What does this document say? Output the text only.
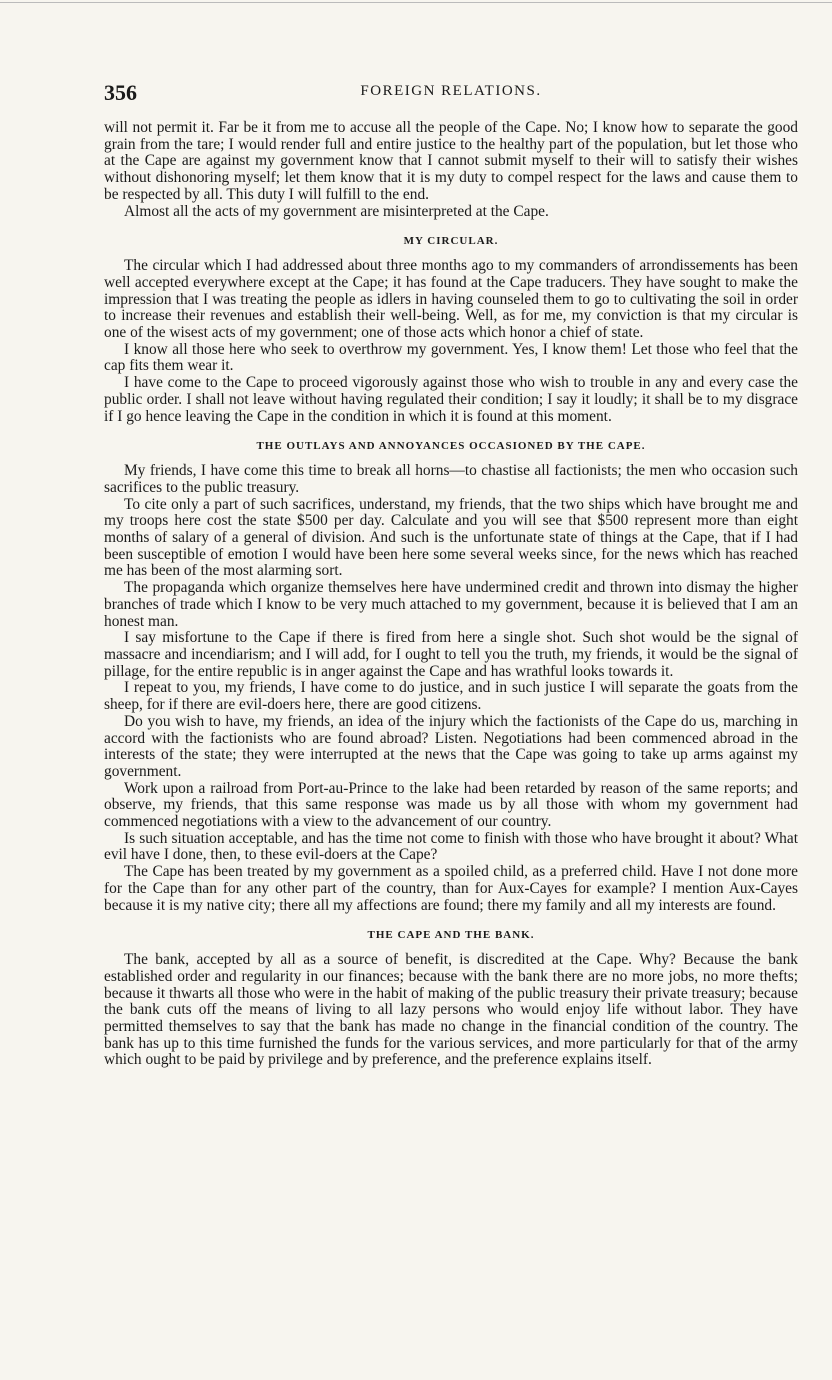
356	FOREIGN RELATIONS.

will not permit it. Far be it from me to accuse all the people of the Cape. No; I know how to separate the good grain from the tare; I would render full and entire justice to the healthy part of the population, but let those who at the Cape are against my government know that I cannot submit myself to their will to satisfy their wishes without dishonoring myself; let them know that it is my duty to compel respect for the laws and cause them to be respected by all. This duty I will fulfill to the end.

Almost all the acts of my government are misinterpreted at the Cape.

MY CIRCULAR.

The circular which I had addressed about three months ago to my commanders of arrondissements has been well accepted everywhere except at the Cape; it has found at the Cape traducers. They have sought to make the impression that I was treating the people as idlers in having counseled them to go to cultivating the soil in order to increase their revenues and establish their well-being. Well, as for me, my conviction is that my circular is one of the wisest acts of my government; one of those acts which honor a chief of state.

I know all those here who seek to overthrow my government. Yes, I know them! Let those who feel that the cap fits them wear it.

I have come to the Cape to proceed vigorously against those who wish to trouble in any and every case the public order. I shall not leave without having regulated their condition; I say it loudly; it shall be to my disgrace if I go hence leaving the Cape in the condition in which it is found at this moment.

THE OUTLAYS AND ANNOYANCES OCCASIONED BY THE CAPE.

My friends, I have come this time to break all horns—to chastise all factionists; the men who occasion such sacrifices to the public treasury.

To cite only a part of such sacrifices, understand, my friends, that the two ships which have brought me and my troops here cost the state $500 per day. Calculate and you will see that $500 represent more than eight months of salary of a general of division. And such is the unfortunate state of things at the Cape, that if I had been susceptible of emotion I would have been here some several weeks since, for the news which has reached me has been of the most alarming sort.

The propaganda which organize themselves here have undermined credit and thrown into dismay the higher branches of trade which I know to be very much attached to my government, because it is believed that I am an honest man.

I say misfortune to the Cape if there is fired from here a single shot. Such shot would be the signal of massacre and incendiarism; and I will add, for I ought to tell you the truth, my friends, it would be the signal of pillage, for the entire republic is in anger against the Cape and has wrathful looks towards it.

I repeat to you, my friends, I have come to do justice, and in such justice I will separate the goats from the sheep, for if there are evil-doers here, there are good citizens.

Do you wish to have, my friends, an idea of the injury which the factionists of the Cape do us, marching in accord with the factionists who are found abroad? Listen. Negotiations had been commenced abroad in the interests of the state; they were interrupted at the news that the Cape was going to take up arms against my government.

Work upon a railroad from Port-au-Prince to the lake had been retarded by reason of the same reports; and observe, my friends, that this same response was made us by all those with whom my government had commenced negotiations with a view to the advancement of our country.

Is such situation acceptable, and has the time not come to finish with those who have brought it about? What evil have I done, then, to these evil-doers at the Cape?

The Cape has been treated by my government as a spoiled child, as a preferred child. Have I not done more for the Cape than for any other part of the country, than for Aux-Cayes for example? I mention Aux-Cayes because it is my native city; there all my affections are found; there my family and all my interests are found.

THE CAPE AND THE BANK.

The bank, accepted by all as a source of benefit, is discredited at the Cape. Why? Because the bank established order and regularity in our finances; because with the bank there are no more jobs, no more thefts; because it thwarts all those who were in the habit of making of the public treasury their private treasury; because the bank cuts off the means of living to all lazy persons who would enjoy life without labor. They have permitted themselves to say that the bank has made no change in the financial condition of the country. The bank has up to this time furnished the funds for the various services, and more particularly for that of the army which ought to be paid by privilege and by preference, and the preference explains itself.
